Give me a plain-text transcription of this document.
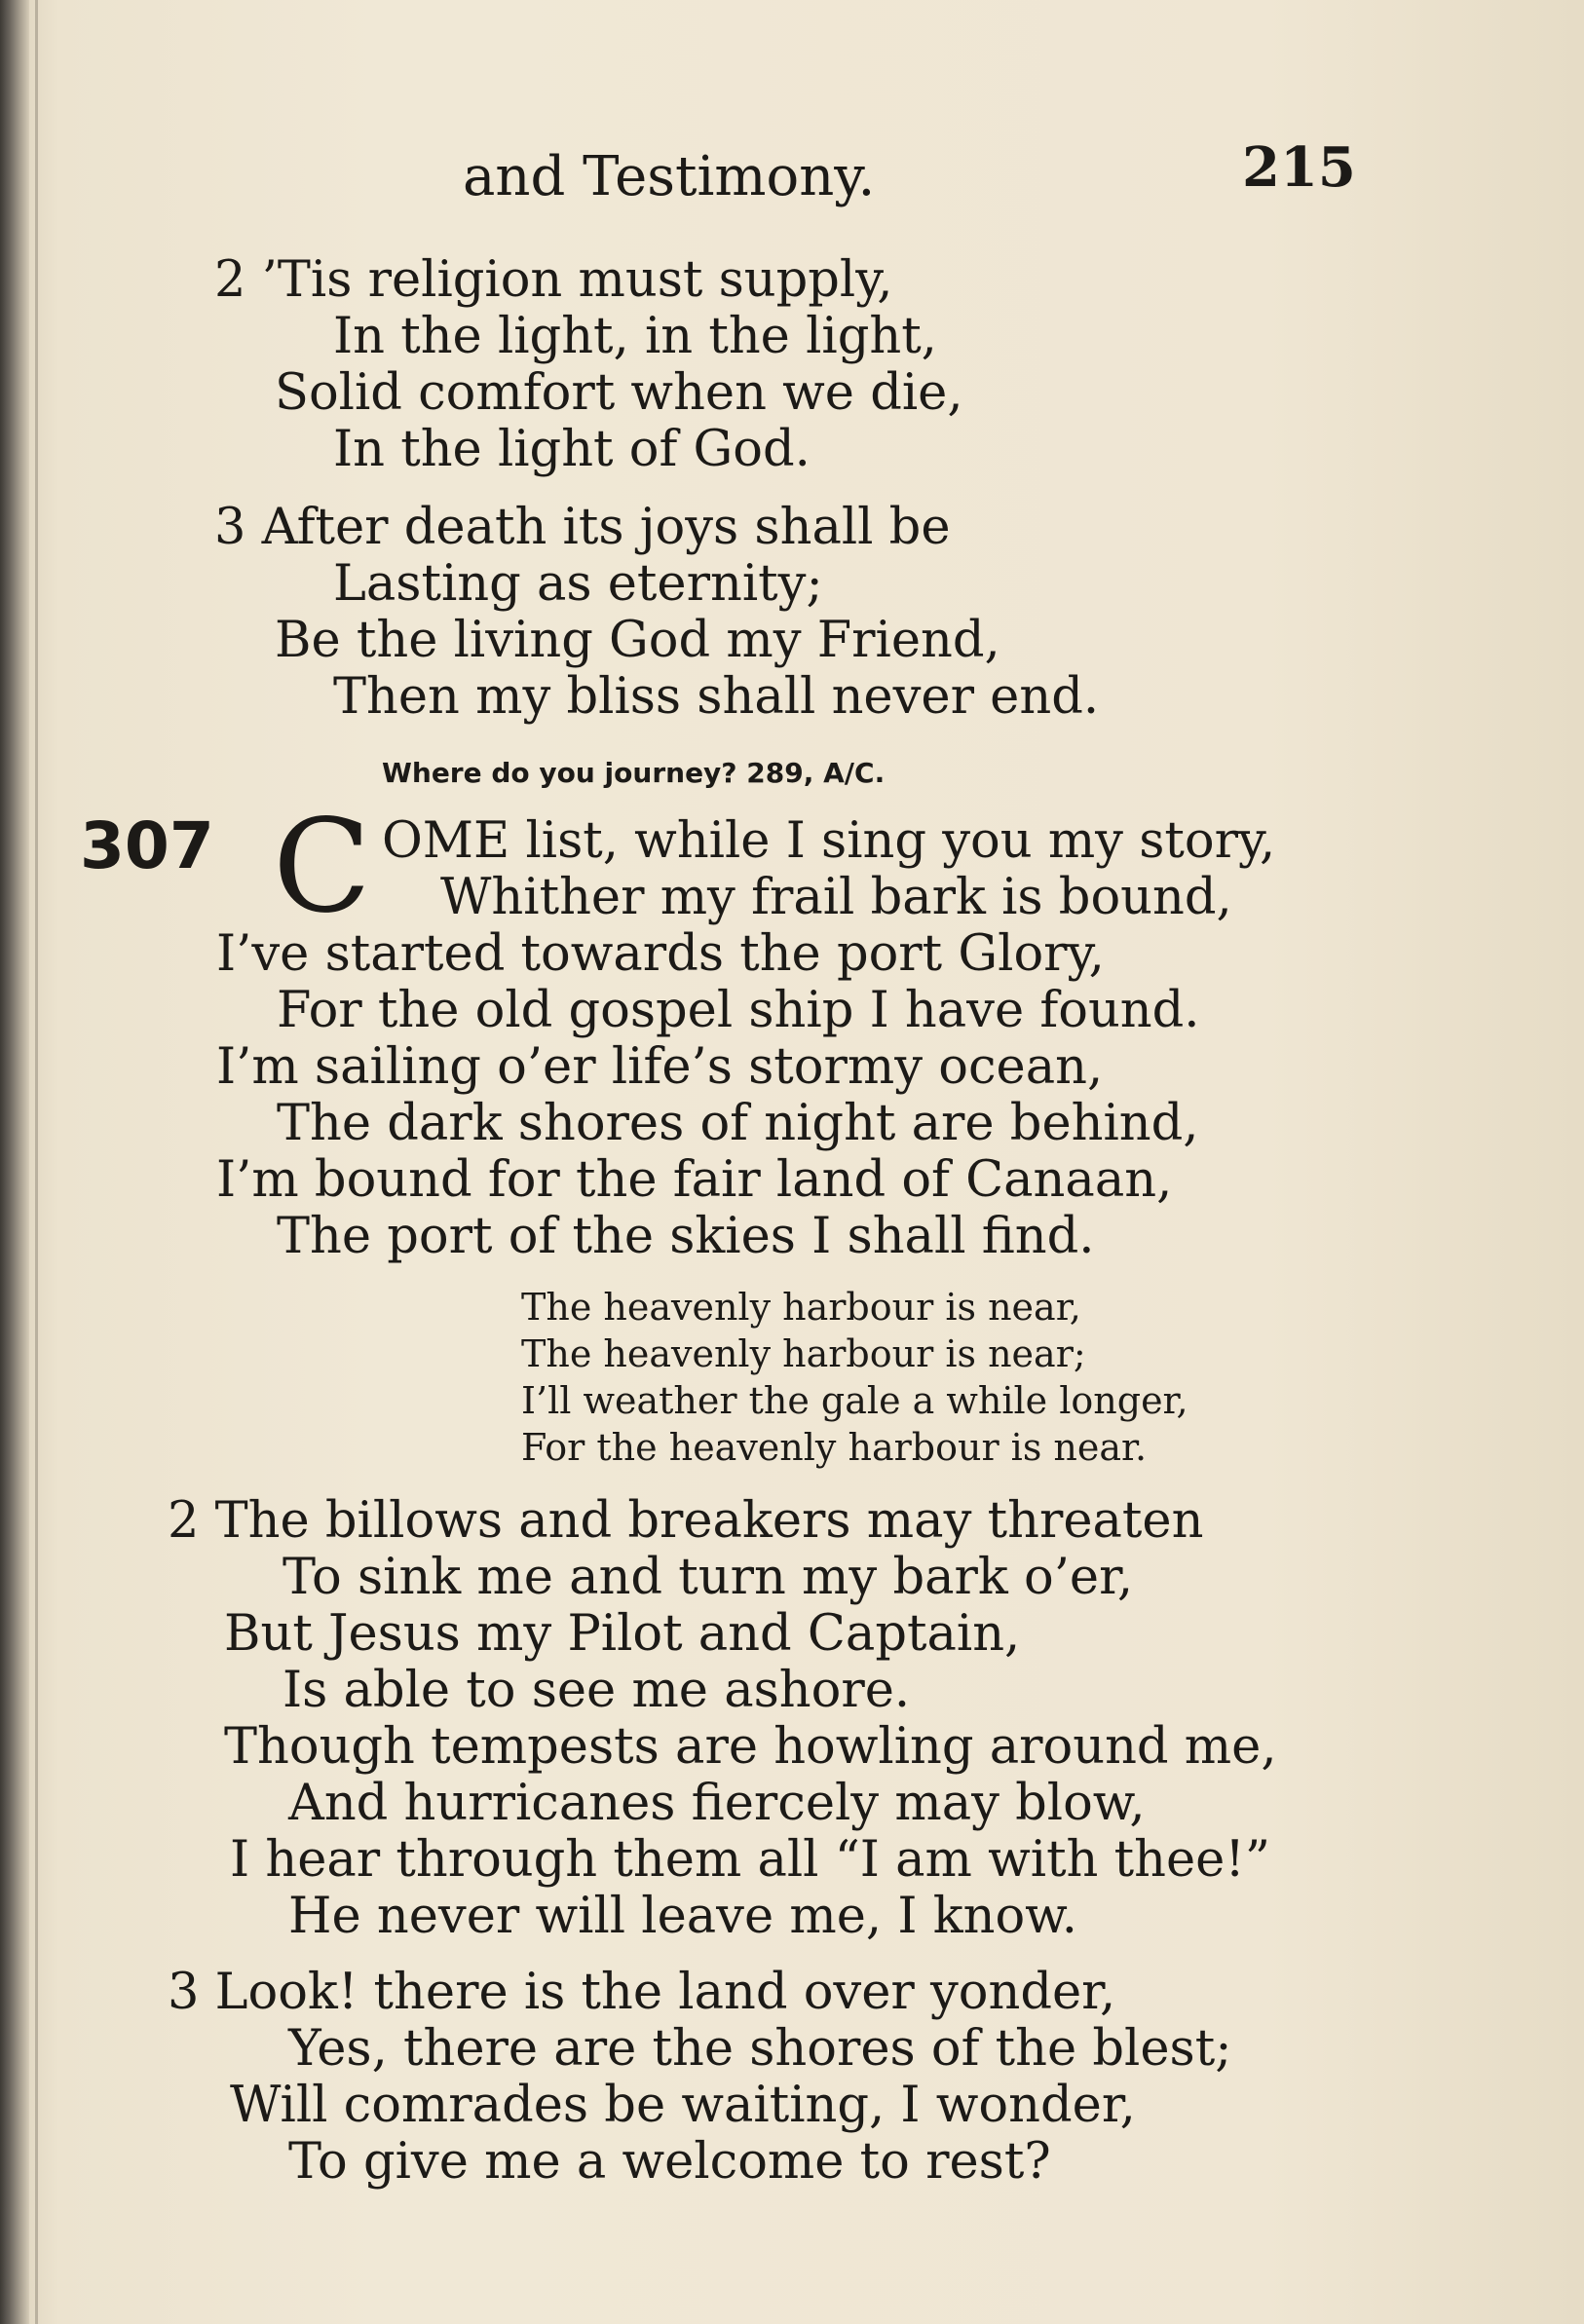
and Testimony.	215
2 ’Tis religion must supply,
In the light, in the light,
Solid comfort when we die,
In the light of God.
3 After death its joys shall be
Lasting as eternity;
Be the living God my Friend,
Then my bliss shall never end.
Where do you journey? 289, A/C.
307 C OME list, while I sing you my story,
Whither my frail bark is bound,
I’ve started towards the port Glory,
For the old gospel ship I have found.
I’m sailing o’er life’s stormy ocean,
The dark shores of night are behind,
I’m bound for the fair land of Canaan,
The port of the skies I shall find.
The heavenly harbour is near,
The heavenly harbour is near;
I’ll weather the gale a while longer,
For the heavenly harbour is near.
2 The billows and breakers may threaten
To sink me and turn my bark o’er,
But Jesus my Pilot and Captain,
Is able to see me ashore.
Though tempests are howling around me,
And hurricanes fiercely may blow,
I hear through them all “I am with thee!”
He never will leave me, I know.
3 Look! there is the land over yonder,
Yes, there are the shores of the blest;
Will comrades be waiting, I wonder,
To give me a welcome to rest?
